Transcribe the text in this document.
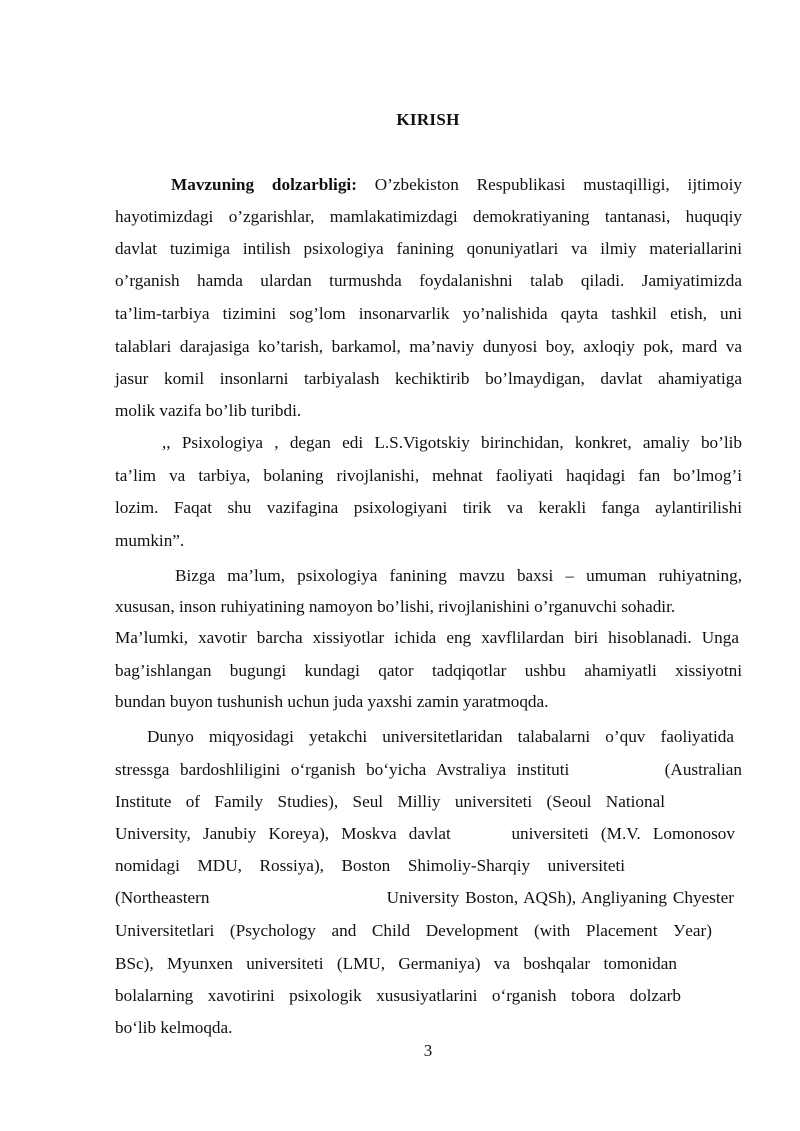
KIRISH
Mavzuning dolzarbligi: O’zbekiston Respublikasi mustaqilligi, ijtimoiy
hayotimizdagi o’zgarishlar, mamlakatimizdagi demokratiyaning tantanasi, huquqiy
davlat tuzimiga intilish psixologiya fanining qonuniyatlari va ilmiy materiallarini
o’rganish hamda ulardan turmushda foydalanishni talab qiladi. Jamiyatimizda
ta’lim-tarbiya tizimini sog’lom insonarvarlik yo’nalishida qayta tashkil etish, uni
talablari darajasiga ko’tarish, barkamol, ma’naviy dunyosi boy, axloqiy pok, mard va
jasur komil insonlarni tarbiyalash kechiktirib bo’lmaydigan, davlat ahamiyatiga
molik vazifa bo’lib turibdi.
,, Psixologiya , degan edi L.S.Vigotskiy birinchidan, konkret, amaliy bo’lib
ta’lim va tarbiya, bolaning rivojlanishi, mehnat faoliyati haqidagi fan bo’lmog’i
lozim. Faqat shu vazifagina psixologiyani tirik va kerakli fanga aylantirilishi
mumkin”.
Bizga ma’lum, psixologiya fanining mavzu baxsi – umuman ruhiyatning,
xususan, inson ruhiyatining namoyon bo’lishi, rivojlanishini o’rganuvchi sohadir.
Ma’lumki, xavotir barcha xissiyotlar ichida eng xavflilardan biri hisoblanadi. Unga
bag’ishlangan bugungi kundagi qator tadqiqotlar ushbu ahamiyatli xissiyotni
bundan buyon tushunish uchun juda yaxshi zamin yaratmoqda.
Dunyo miqyosidagi yetakchi universitetlaridan talabalarni o’quv faoliyatida
stressga bardoshliligini o‘rganish bo‘yicha Avstraliya instituti         (Australian
Institute of Family Studies), Seul Milliy universiteti (Seoul National
University, Janubiy Koreya), Moskva davlat     universiteti (M.V. Lomonosov
nomidagi MDU, Rossiya), Boston Shimoliy-Sharqiy universiteti
(Northeastern                              University Boston, AQSh), Angliyaning Chyester
Universitetlari (Psychology and Child Development (with Placement Уear)
BSc), Myunxen universiteti (LMU, Germaniya) va boshqalar tomonidan
bolalarning xavotirini psixologik xususiyatlarini o‘rganish tobora dolzarb
bo‘lib kelmoqda.
3
